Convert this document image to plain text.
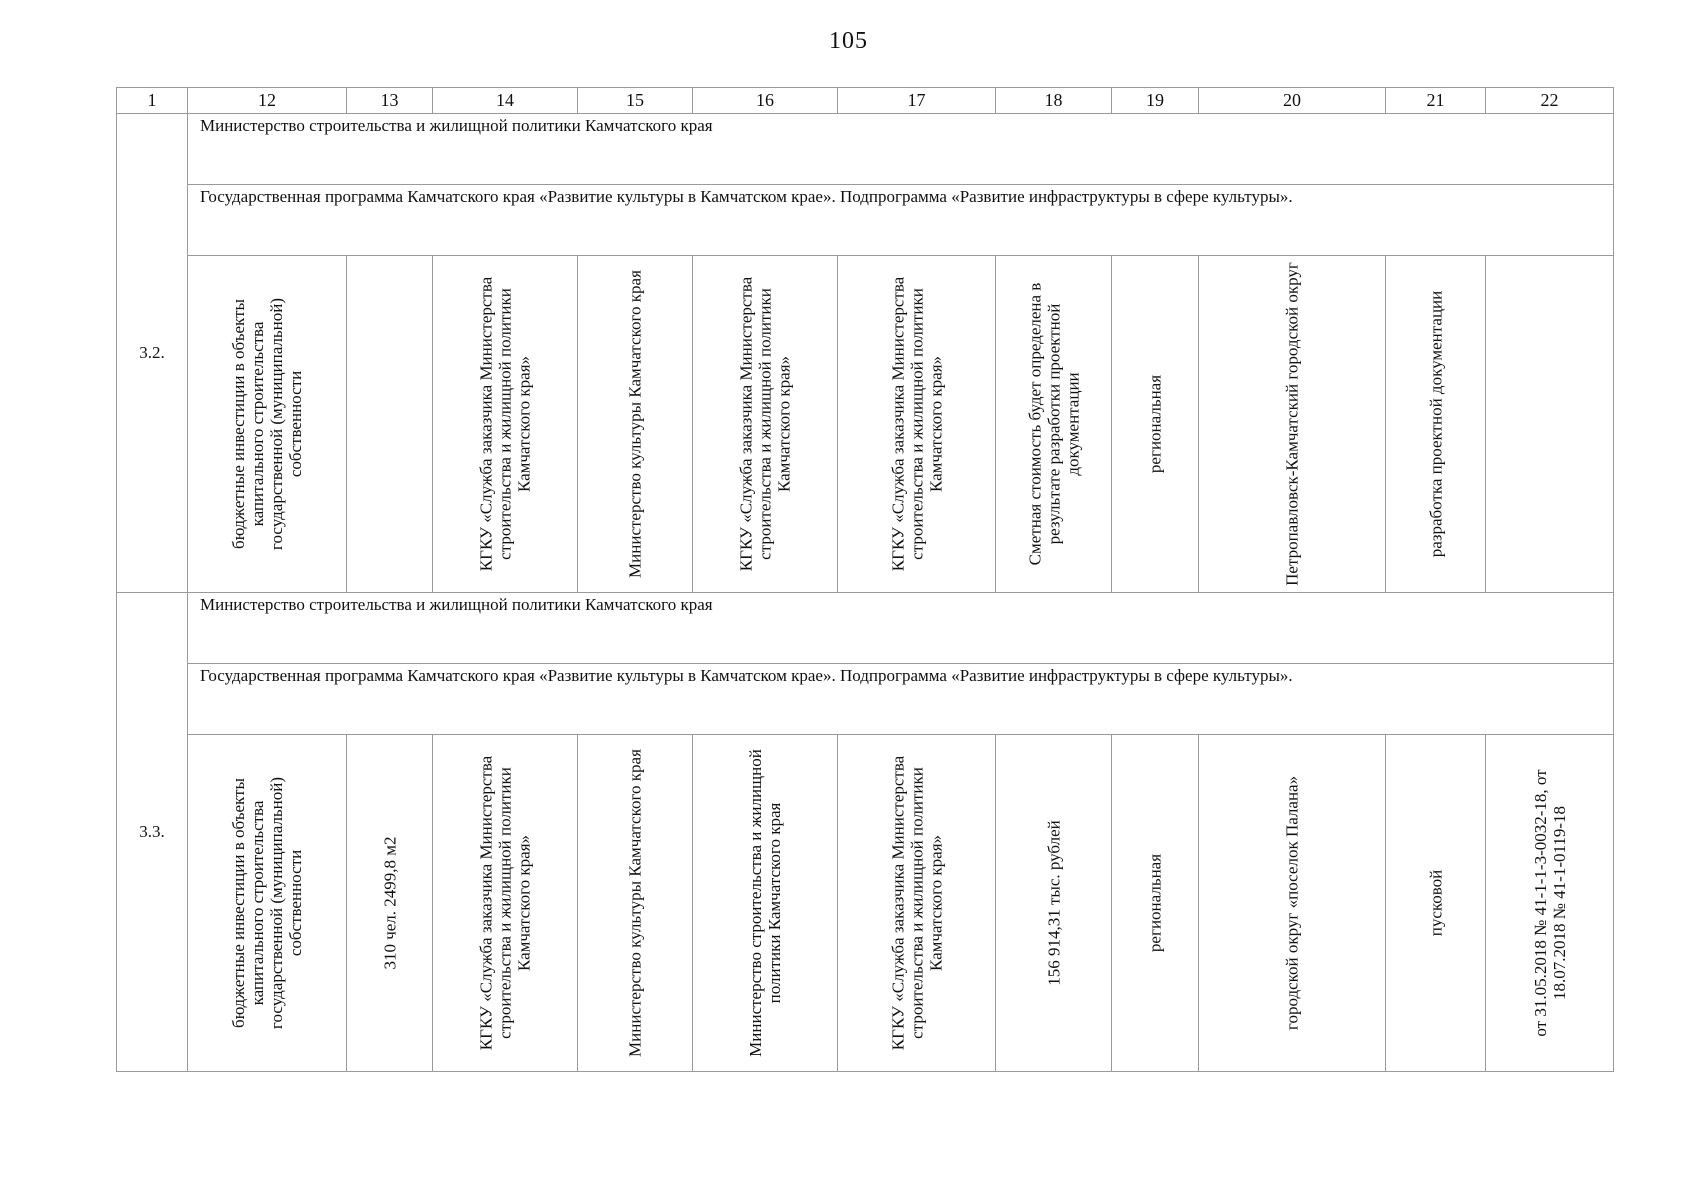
105
1	12	13	14	15	16	17	18	19	20	21	22
3.2.	Министерство строительства и жилищной политики Камчатского края										
	Государственная программа Камчатского края «Развитие культуры в Камчатском крае». Подпрограмма «Развитие инфраструктуры в сфере культуры».										

	бюджетные инвестиции в объекты капитального строительства государственной (муниципальной) собственности		КГКУ «Служба заказчика Министерства строительства и жилищной политики Камчатского края»	Министерство культуры Камчатского края	КГКУ «Служба заказчика Министерства строительства и жилищной политики Камчатского края»	КГКУ «Служба заказчика Министерства строительства и жилищной политики Камчатского края»	Сметная стоимость будет определена в результате разработки проектной документации	региональная	Петропавловск-Камчатский городской округ	разработка проектной документации	

3.3.	Министерство строительства и жилищной политики Камчатского края										
	Государственная программа Камчатского края «Развитие культуры в Камчатском крае». Подпрограмма «Развитие инфраструктуры в сфере культуры».										

	бюджетные инвестиции в объекты капитального строительства государственной (муниципальной) собственности	310 чел. 2499,8 м2	КГКУ «Служба заказчика Министерства строительства и жилищной политики Камчатского края»	Министерство культуры Камчатского края	Министерство строительства и жилищной политики Камчатского края	КГКУ «Служба заказчика Министерства строительства и жилищной политики Камчатского края»	156 914,31 тыс. рублей	региональная	городской округ «поселок Палана»	пусковой	от 31.05.2018 № 41-1-1-3-0032-18, от 18.07.2018 № 41-1-0119-18
